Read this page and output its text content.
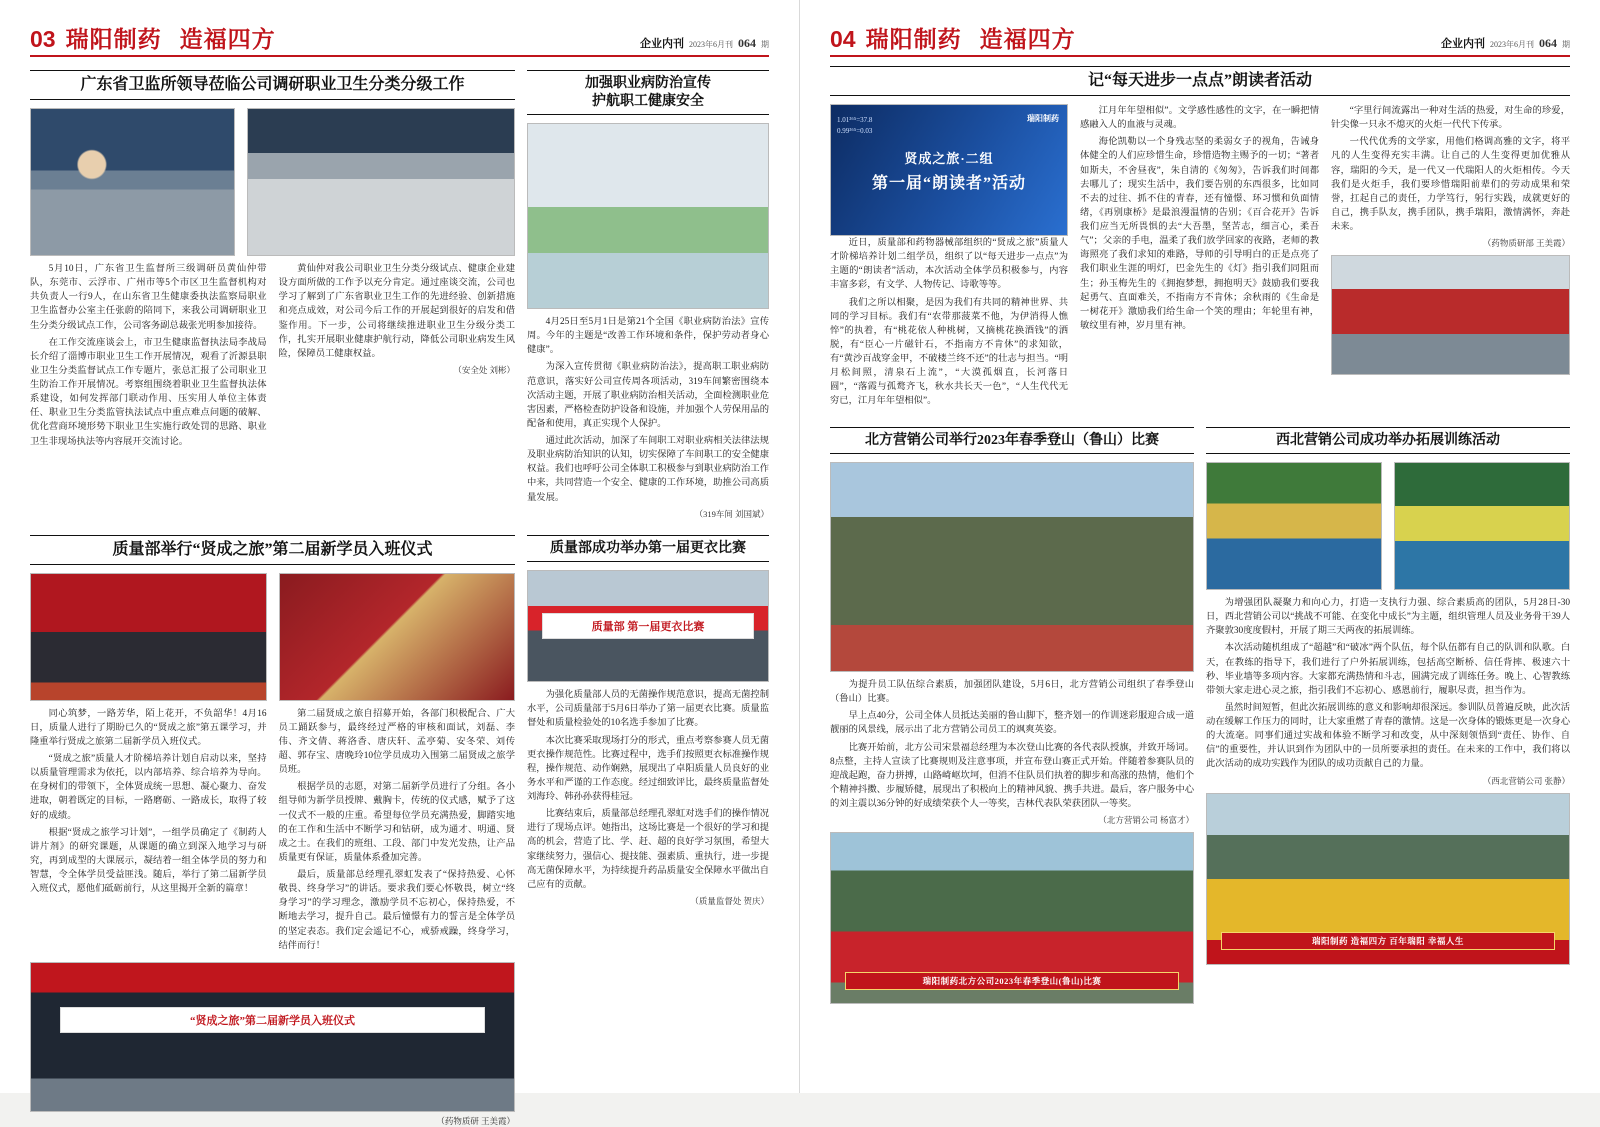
03 瑞阳制药 造福四方	企业内刊 2023年6月刊 064 期
广东省卫监所领导莅临公司调研职业卫生分类分级工作

5月10日，广东省卫生监督所三级调研员黄仙仲带队，东莞市、云浮市、广州市等5个市区卫生监督机构对共负责人一行9人，在山东省卫生健康委执法监察局职业卫生监督办公室主任张蔚的陪同下，来我公司调研职业卫生分类分级试点工作，公司客务副总裁张光明参加接待。

在工作交流座谈会上，市卫生健康监督执法局李战局长介绍了淄博市职业卫生工作开展情况，观看了沂源县职业卫生分类监督试点工作专题片，张总汇报了公司职业卫生防治工作开展情况。考察组围绕着职业卫生监督执法体系建设，如何发挥部门联动作用、压实用人单位主体责任、职业卫生分类监管执法试点中重点难点问题的破解、优化营商环境形势下职业卫生实施行政处罚的思路、职业卫生非现场执法等内容展开交流讨论。

黄仙仲对我公司职业卫生分类分级试点、健康企业建设方面所做的工作予以充分肯定。通过座谈交流，公司也学习了解到了广东省职业卫生工作的先进经验、创新措施和亮点成效，对公司今后工作的开展起到很好的启发和借鉴作用。下一步，公司将继续推进职业卫生分级分类工作，扎实开展职业健康护航行动，降低公司职业病发生风险，保障员工健康权益。

（安全处 刘彬）
加强职业病防治宣传
护航职工健康安全

4月25日至5月1日是第21个全国《职业病防治法》宣传周。今年的主题是“改善工作环境和条件，保护劳动者身心健康”。

为深入宣传贯彻《职业病防治法》，提高职工职业病防范意识，落实好公司宣传周各项活动，319车间繁密围绕本次活动主题，开展了职业病防治相关活动，全面检测职业危害因素，严格检查防护设备和设施，并加强个人劳保用品的配备和使用，真正实现个人保护。

通过此次活动，加深了车间职工对职业病相关法律法规及职业病防治知识的认知，切实保障了车间职工的安全健康权益。我们也呼吁公司全体职工积极参与到职业病防治工作中来，共同营造一个安全、健康的工作环境，助推公司高质量发展。

（319车间 刘国斌）
质量部举行“贤成之旅”第二届新学员入班仪式

同心筑梦，一路芳华，陌上花开，不负韶华！4月16日，质量人进行了期盼已久的“贤成之旅”第五课学习，并隆重举行贤成之旅第二届新学员入班仪式。

“贤成之旅”质量人才阶梯培养计划自启动以来，坚持以质量管理需求为依托，以内部培养、综合培养为导向。在身树们的带领下，全体贤成统一思想、凝心聚力、奋发进取，朝着既定的目标，一路磨砺、一路成长，取得了较好的成绩。

根据“贤成之旅学习计划”，一组学员确定了《制药人讲片剂》的研究课题，从课题的确立到深入地学习与研究，再到成型的大课展示，凝结着一组全体学员的努力和智慧，令全体学员受益匪浅。随后，举行了第二届新学员入班仪式，愿他们砥砺前行，从这里揭开全新的篇章！

第二届贤成之旅自招募开始，各部门积极配合、广大员工踊跃参与，最终经过严格的审核和面试，刘磊、李伟、齐文倩、蒋洛香、唐庆轩、孟亭菊、安冬荣、刘传超、郭存宝、唐晚玲10位学员成功入围第二届贤成之旅学员班。

根据学员的志愿，对第二届新学员进行了分组。各小组导师为新学员授牌、戴胸卡，传统的仪式感，赋予了这一仪式不一般的庄重。希望每位学员充满热爱，脚踏实地的在工作和生活中不断学习和钻研，成为通才、明通、贤成之士。在我们的班组、工段、部门中发光发热，让产品质量更有保证，质量体系叠加完善。

最后，质量部总经理孔翠虹发表了“保持热爱、心怀敬畏、终身学习”的讲话。要求我们要心怀敬畏，树立“终身学习”的学习理念，激励学员不忘初心，保持热爱，不断地去学习，提升自己。最后憧憬有力的誓言是全体学员的坚定表态。我们定会遥记不心，戒骄戒躁，终身学习，结伴而行！

“贤成之旅”第二届新学员入班仪式
（药物质研 王美霞）
质量部成功举办第一届更衣比赛
质量部 第一届更衣比赛

为强化质量部人员的无菌操作规范意识，提高无菌控制水平，公司质量部于5月6日举办了第一届更衣比赛。质量监督处和质量检验处的10名选手参加了比赛。

本次比赛采取现场打分的形式，重点考察参赛人员无菌更衣操作规范性。比赛过程中，选手们按照更衣标准操作规程，操作规范、动作娴熟，展现出了卓阳质量人员良好的业务水平和严谨的工作态度。经过细致评比，最终质量监督处刘海玲、韩孙孙获得桂冠。

比赛结束后，质量部总经理孔翠虹对选手们的操作情况进行了现场点评。她指出，这场比赛是一个很好的学习和提高的机会，营造了比、学、赶、超的良好学习氛围，希望大家继续努力，强信心、提技能、强素质、重执行，进一步提高无菌保障水平，为持续提升药品质量安全保障水平做出自己应有的贡献。

（质量监督处 贺庆）
04 瑞阳制药 造福四方	企业内刊 2023年6月刊 064 期
记“每天进步一点点”朗读者活动
瑞阳制药
1.01³⁶⁵=37.8
0.99³⁶⁵=0.03
贤成之旅·二组
第一届“朗读者”活动

近日，质量部和药物器械部组织的“贤成之旅”质量人才阶梯培养计划二组学员，组织了以“每天进步一点点”为主题的“朗读者”活动，本次活动全体学员积极参与，内容丰富多彩，有文学、人物传记、诗歌等等。

我们之所以相聚，是因为我们有共同的精神世界、共同的学习目标。我们有“农带那菠菜不他，为伊消得人憔悴”的执着，有“桃花依人种桃树，又摘桃花换酒钱”的洒脱，有“臣心一片磁针石，不指南方不肯休”的求知欲，有“黄沙百战穿金甲，不破楼兰终不还”的壮志与担当。“明月松间照，清泉石上流”，“大漠孤烟直，长河落日圆”，“落霞与孤鹜齐飞，秋水共长天一色”，“人生代代无穷已，江月年年望相似”。

江月年年望相似”。文学感性感性的文字，在一瞬把情感融入人的血液与灵魂。

海伦凯勒以一个身残志坚的柔弱女子的视角，告诫身体健全的人们应珍惜生命，珍惜造物主赐予的一切；“著者如斯夫，不舍昼夜”，朱自清的《匆匆》，告诉我们时间都去哪儿了；现实生活中，我们要告别的东西很多，比如同不去的过往、抓不住的青春，还有憧憬、环习惯和负面情绪，《再别康桥》是最浪漫温情的告别；《百合花开》告诉我们应当无所畏惧的去“大吾墨，坚苦志，细言心，柔吾气”；父亲的手电，温柔了我们放学回家的夜路，老师的教诲照亮了我们求知的难路，导师的引导明白的正是点亮了我们职业生涯的明灯，巴金先生的《灯》指引我们同阻而生；孙玉梅先生的《拥抱梦想，拥抱明天》鼓励我们要我起勇气、直面难关，不指南方不肯休；余秋雨的《生命是一树花开》激励我们给生命一个笑的理由；年轮里有神，敏纹里有神，岁月里有神。

“字里行间流露出一种对生活的热爱，对生命的珍爱，针尖像一只永不熄灭的火炬一代代下传承。

一代代优秀的文学家，用他们格调高雅的文字，将平凡的人生变得充实丰满。让自己的人生变得更加优雅从容，瑞阳的今天，是一代又一代瑞阳人的火炬相传。今天我们是火炬手，我们要珍惜瑞阳前辈们的劳动成果和荣誉，扛起自己的责任，力学笃行，躬行实践，成就更好的自己，携手队友，携手团队，携手瑞阳，激情满怀，奔赴未来。

（药物质研部 王美霞）
北方营销公司举行2023年春季登山（鲁山）比赛

为提升员工队伍综合素质，加强团队建设，5月6日，北方营销公司组织了春季登山（鲁山）比赛。

早上点40分，公司全体人员抵达美丽的鲁山脚下，整齐划一的作训迷彩服迎合成一道靓丽的风景线，展示出了北方营销公司员工的飒爽英姿。

比赛开始前，北方公司宋景福总经理为本次登山比赛的各代表队授旗，并致开场词。8点整，主持人宣读了比赛规则及注意事项，并宣布登山赛正式开始。伴随着参赛队员的迎战起跑，奋力拼搏，山路崎岖坎坷，但消不住队员们执着的脚步和高涨的热情，他们个个精神抖擞、步履矫健，展现出了积极向上的精神风貌、携手共进。最后，客户服务中心的刘主震以36分钟的好成绩荣获个人一等奖，吉林代表队荣获团队一等奖。

（北方营销公司 杨富才）
瑞阳制药北方公司2023年春季登山(鲁山)比赛
西北营销公司成功举办拓展训练活动

为增强团队凝聚力和向心力，打造一支执行力强、综合素质高的团队，5月28日-30日，西北营销公司以“挑战不可能、在变化中成长”为主题，组织管理人员及业务骨干39人齐聚敦30度度假村，开展了期三天两夜的拓展训练。

本次活动随机组成了“超越”和“破冰”两个队伍，每个队伍都有自己的队训和队歌。白天，在教练的指导下，我们进行了户外拓展训练，包括高空断桥、信任背摔、极速六十秒、毕业墙等多项内容。大家都充满热情和斗志，圆满完成了训练任务。晚上、心智教练带领大家走进心灵之旅，指引我们不忘初心、感恩前行，履职尽责，担当作为。

虽然时间短暂，但此次拓展训练的意义和影响却很深远。参训队员普遍反映，此次活动在缓解工作压力的同时，让大家重燃了青春的激情。这是一次身体的锻炼更是一次身心的大流毫。同事们通过实战和体验不断学习和改变，从中深刻领悟到“责任、协作、自信”的重要性，并认识到作为团队中的一员所要承担的责任。在未来的工作中，我们将以此次活动的成功实践作为团队的成功贡献自己的力量。

（西北营销公司 张静）
瑞阳制药 造福四方 百年瑞阳 幸福人生
